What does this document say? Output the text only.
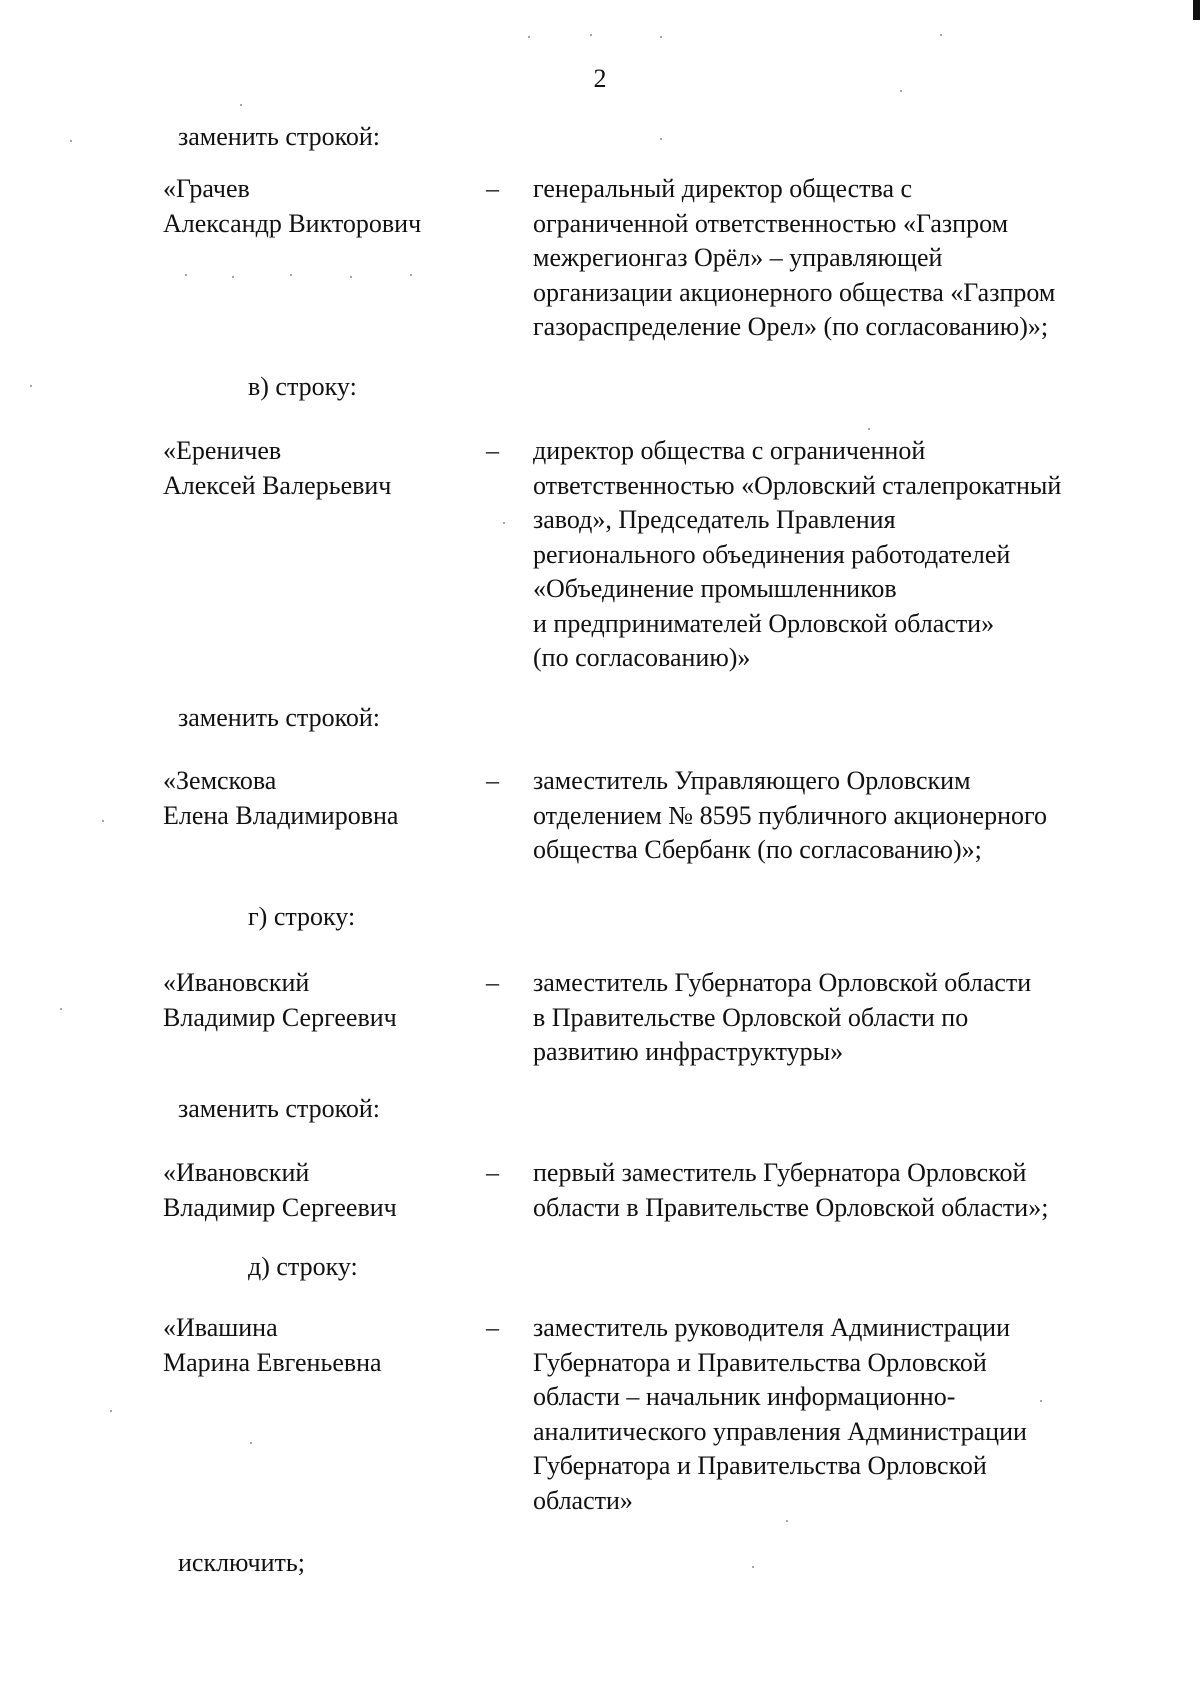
2
заменить строкой:
«Грачев
Александр Викторович
– генеральный директор общества с
ограниченной ответственностью «Газпром
межрегионгаз Орёл» – управляющей
организации акционерного общества «Газпром
газораспределение Орел» (по согласованию)»;
в) строку:
«Ереничев
Алексей Валерьевич
– директор общества с ограниченной
ответственностью «Орловский сталепрокатный
завод», Председатель Правления
регионального объединения работодателей
«Объединение промышленников
и предпринимателей Орловской области»
(по согласованию)»
заменить строкой:
«Земскова
Елена Владимировна
– заместитель Управляющего Орловским
отделением № 8595 публичного акционерного
общества Сбербанк (по согласованию)»;
г) строку:
«Ивановский
Владимир Сергеевич
– заместитель Губернатора Орловской области
в Правительстве Орловской области по
развитию инфраструктуры»
заменить строкой:
«Ивановский
Владимир Сергеевич
– первый заместитель Губернатора Орловской
области в Правительстве Орловской области»;
д) строку:
«Ивашина
Марина Евгеньевна
– заместитель руководителя Администрации
Губернатора и Правительства Орловской
области – начальник информационно-
аналитического управления Администрации
Губернатора и Правительства Орловской
области»
исключить;
